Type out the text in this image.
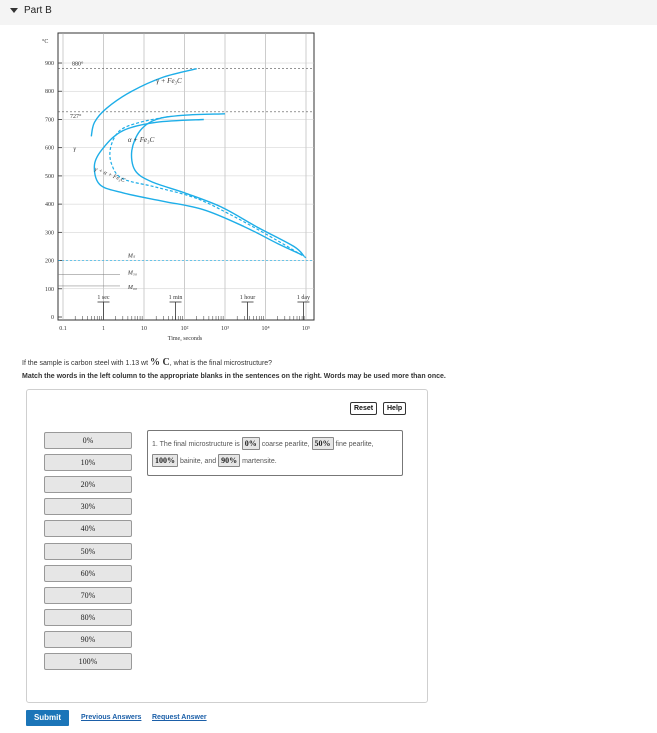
Part B
900
800
700
600
500
400
300
200
100
0
0.1	1	10	10²	10³	10⁴	10⁵
°C
Time, seconds
1 sec	1 min	1 hour	1 day
γ + Fe₃C
α + Fe₃C
γ
γ + α + Fe₃C
Mₛ
M₅₀
M₉₀
880°
727°
If the sample is carbon steel with 1.13 wt % C, what is the final microstructure?
Match the words in the left column to the appropriate blanks in the sentences on the right. Words may be used more than once.
Reset	Help
0%
10%
20%
30%
40%
50%
60%
70%
80%
90%
100%
1. The final microstructure is 0% coarse pearlite, 50% fine pearlite, 100% bainite, and 90% martensite.
Submit	Previous Answers Request Answer
